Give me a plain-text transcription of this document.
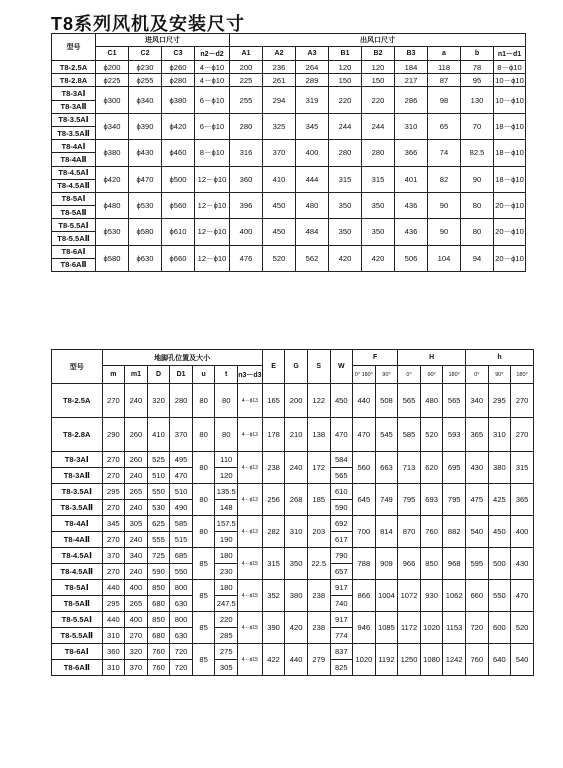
T8系列风机及安装尺寸
型号	进风口尺寸				出风口尺寸								
	C1	C2	C3	n2－d2	A1	A2	A3	B1	B2	B3	a	b	n1－d1
T8-2.5A	ϕ200	ϕ230	ϕ260	4－ϕ10	200	236	264	120	120	184	118	78	8－ϕ10
T8-2.8A	ϕ225	ϕ255	ϕ280	4－ϕ10	225	261	289	150	150	217	87	95	10－ϕ10
T8-3AⅠ	ϕ300	ϕ340	ϕ380	6－ϕ10	255	294	319	220	220	286	98	130	10－ϕ10
T8-3AⅡ													
T8-3.5AⅠ	ϕ340	ϕ390	ϕ420	6－ϕ10	280	325	345	244	244	310	65	70	18－ϕ10
T8-3.5AⅡ													
T8-4AⅠ	ϕ380	ϕ430	ϕ460	8－ϕ10	316	370	400	280	280	366	74	82.5	18－ϕ10
T8-4AⅡ													
T8-4.5AⅠ	ϕ420	ϕ470	ϕ500	12－ϕ10	360	410	444	315	315	401	82	90	18－ϕ10
T8-4.5AⅡ													
T8-5AⅠ	ϕ480	ϕ530	ϕ560	12－ϕ10	396	450	480	350	350	436	90	80	20－ϕ10
T8-5AⅡ													
T8-5.5AⅠ	ϕ530	ϕ580	ϕ610	12－ϕ10	400	450	484	350	350	436	90	80	20－ϕ10
T8-5.5AⅡ													
T8-6AⅠ	ϕ580	ϕ630	ϕ660	12－ϕ10	476	520	562	420	420	506	104	94	20－ϕ10
T8-6AⅡ													
型号	地脚孔位置及大小							E	G	S	W	F		H			h		
	m	m1	D	D1	u	t	n3－d3					0° 180°	90°	0°	90°	180°	0°	90°	180°
T8-2.5A	270	240	320	280	80	80	4－ϕ13	165	200	122	450	440	508	565	480	565	340	295	270
T8-2.8A	290	260	410	370	80	80	4－ϕ13	178	210	138	470	470	545	585	520	593	365	310	270
T8-3AⅠ	270	260	525	495	80	110	4－ϕ13	238	240	172	584	560	663	713	620	695	430	380	315
T8-3AⅡ	270	240	510	470		120					565								
T8-3.5AⅠ	295	265	550	510	80	135.5	4－ϕ13	256	268	185	610	645	749	795	693	795	475	425	365
T8-3.5AⅡ	270	240	530	490		148					590								
T8-4AⅠ	345	305	625	585	80	157.5	4－ϕ13	282	310	203	692	700	814	870	760	882	540	450	400
T8-4AⅡ	270	240	555	515		190					617								
T8-4.5AⅠ	370	340	725	685	85	180	4－ϕ15	315	350	22.5	790	788	909	966	850	968	595	500	430
T8-4.5AⅡ	270	240	590	550		230					657								
T8-5AⅠ	440	400	850	800	85	180	4－ϕ15	352	380	238	917	866	1004	1072	930	1062	660	550	470
T8-5AⅡ	295	265	680	630		247.5					740								
T8-5.5AⅠ	440	400	850	800	85	220	4－ϕ15	390	420	238	917	946	1085	1172	1020	1153	720	600	520
T8-5.5AⅡ	310	270	680	630		285					774								
T8-6AⅠ	360	320	760	720	85	275	4－ϕ15	422	440	279	837	1020	1192	1250	1080	1242	760	640	540
T8-6AⅡ	310	370	760	720		305					825								
